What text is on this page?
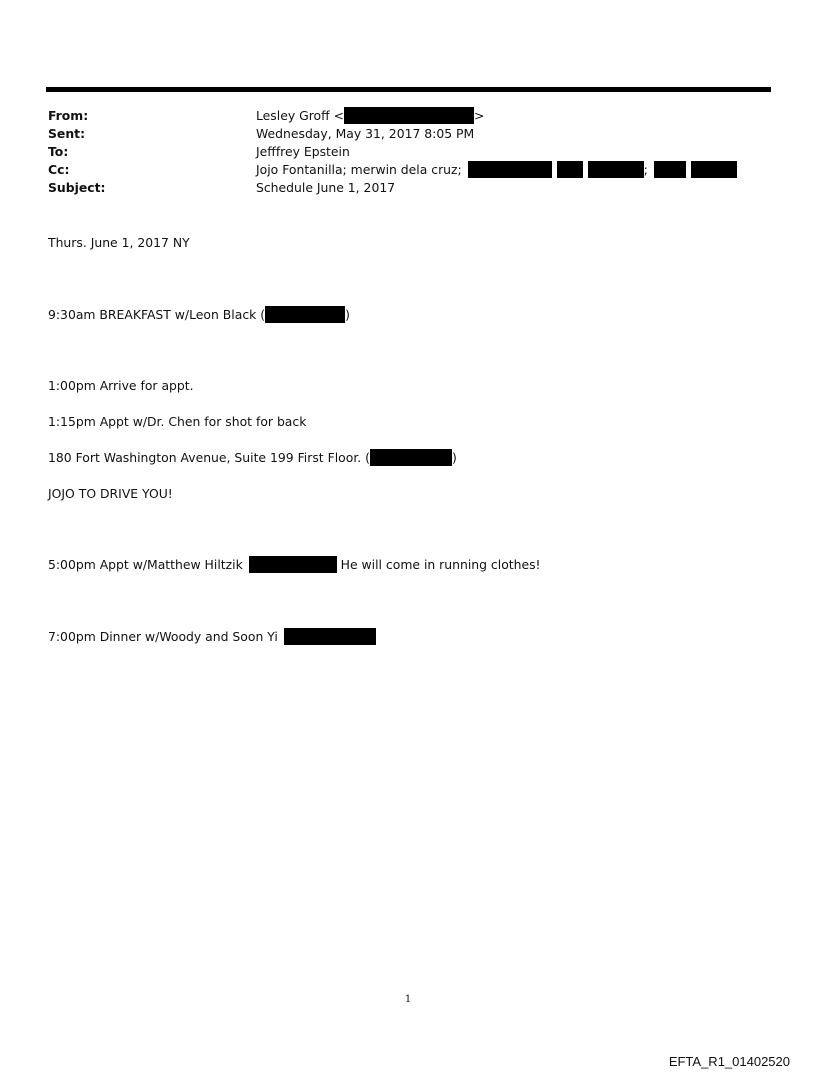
From:	Lesley Groff <	>
Sent:	Wednesday, May 31, 2017 8:05 PM
To:	Jefffrey Epstein
Cc:	Jojo Fontanilla; merwin dela cruz;	;
Subject:	Schedule June 1, 2017
Thurs. June 1, 2017 NY
9:30am BREAKFAST w/Leon Black (	)
1:00pm Arrive for appt.
1:15pm Appt w/Dr. Chen for shot for back
180 Fort Washington Avenue, Suite 199 First Floor. (	)
JOJO TO DRIVE YOU!
5:00pm Appt w/Matthew Hiltzik	He will come in running clothes!
7:00pm Dinner w/Woody and Soon Yi
1
EFTA_R1_01402520
